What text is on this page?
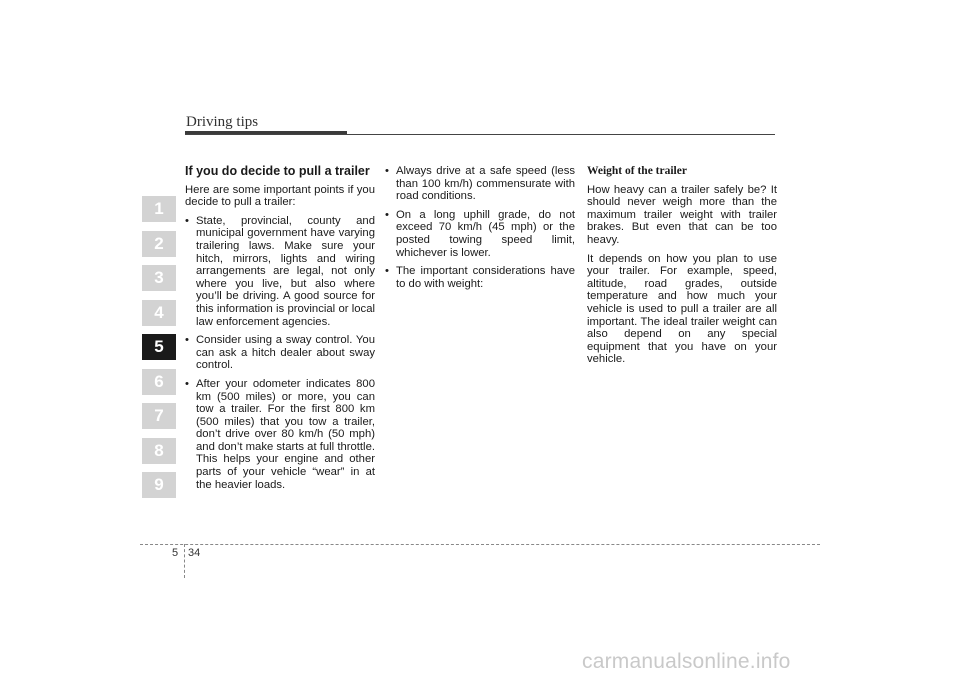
Driving tips
1
2
3
4
5
6
7
8
9
If you do decide to pull a trailer

Here are some important points if you decide to pull a trailer:

• State, provincial, county and municipal government have varying trailering laws. Make sure your hitch, mirrors, lights and wiring arrangements are legal, not only where you live, but also where you’ll be driving. A good source for this information is provincial or local law enforcement agencies.
• Consider using a sway control. You can ask a hitch dealer about sway control.
• After your odometer indicates 800 km (500 miles) or more, you can tow a trailer. For the first 800 km (500 miles) that you tow a trailer, don’t drive over 80 km/h (50 mph) and don’t make starts at full throttle. This helps your engine and other parts of your vehicle “wear” in at the heavier loads.
• Always drive at a safe speed (less than 100 km/h) commensurate with road conditions.
• On a long uphill grade, do not exceed 70 km/h (45 mph) or the posted towing speed limit, whichever is lower.
• The important considerations have to do with weight:
Weight of the trailer

How heavy can a trailer safely be? It should never weigh more than the maximum trailer weight with trailer brakes. But even that can be too heavy.

It depends on how you plan to use your trailer. For example, speed, altitude, road grades, outside temperature and how much your vehicle is used to pull a trailer are all important. The ideal trailer weight can also depend on any special equipment that you have on your vehicle.

5 34
carmanualsonline.info
